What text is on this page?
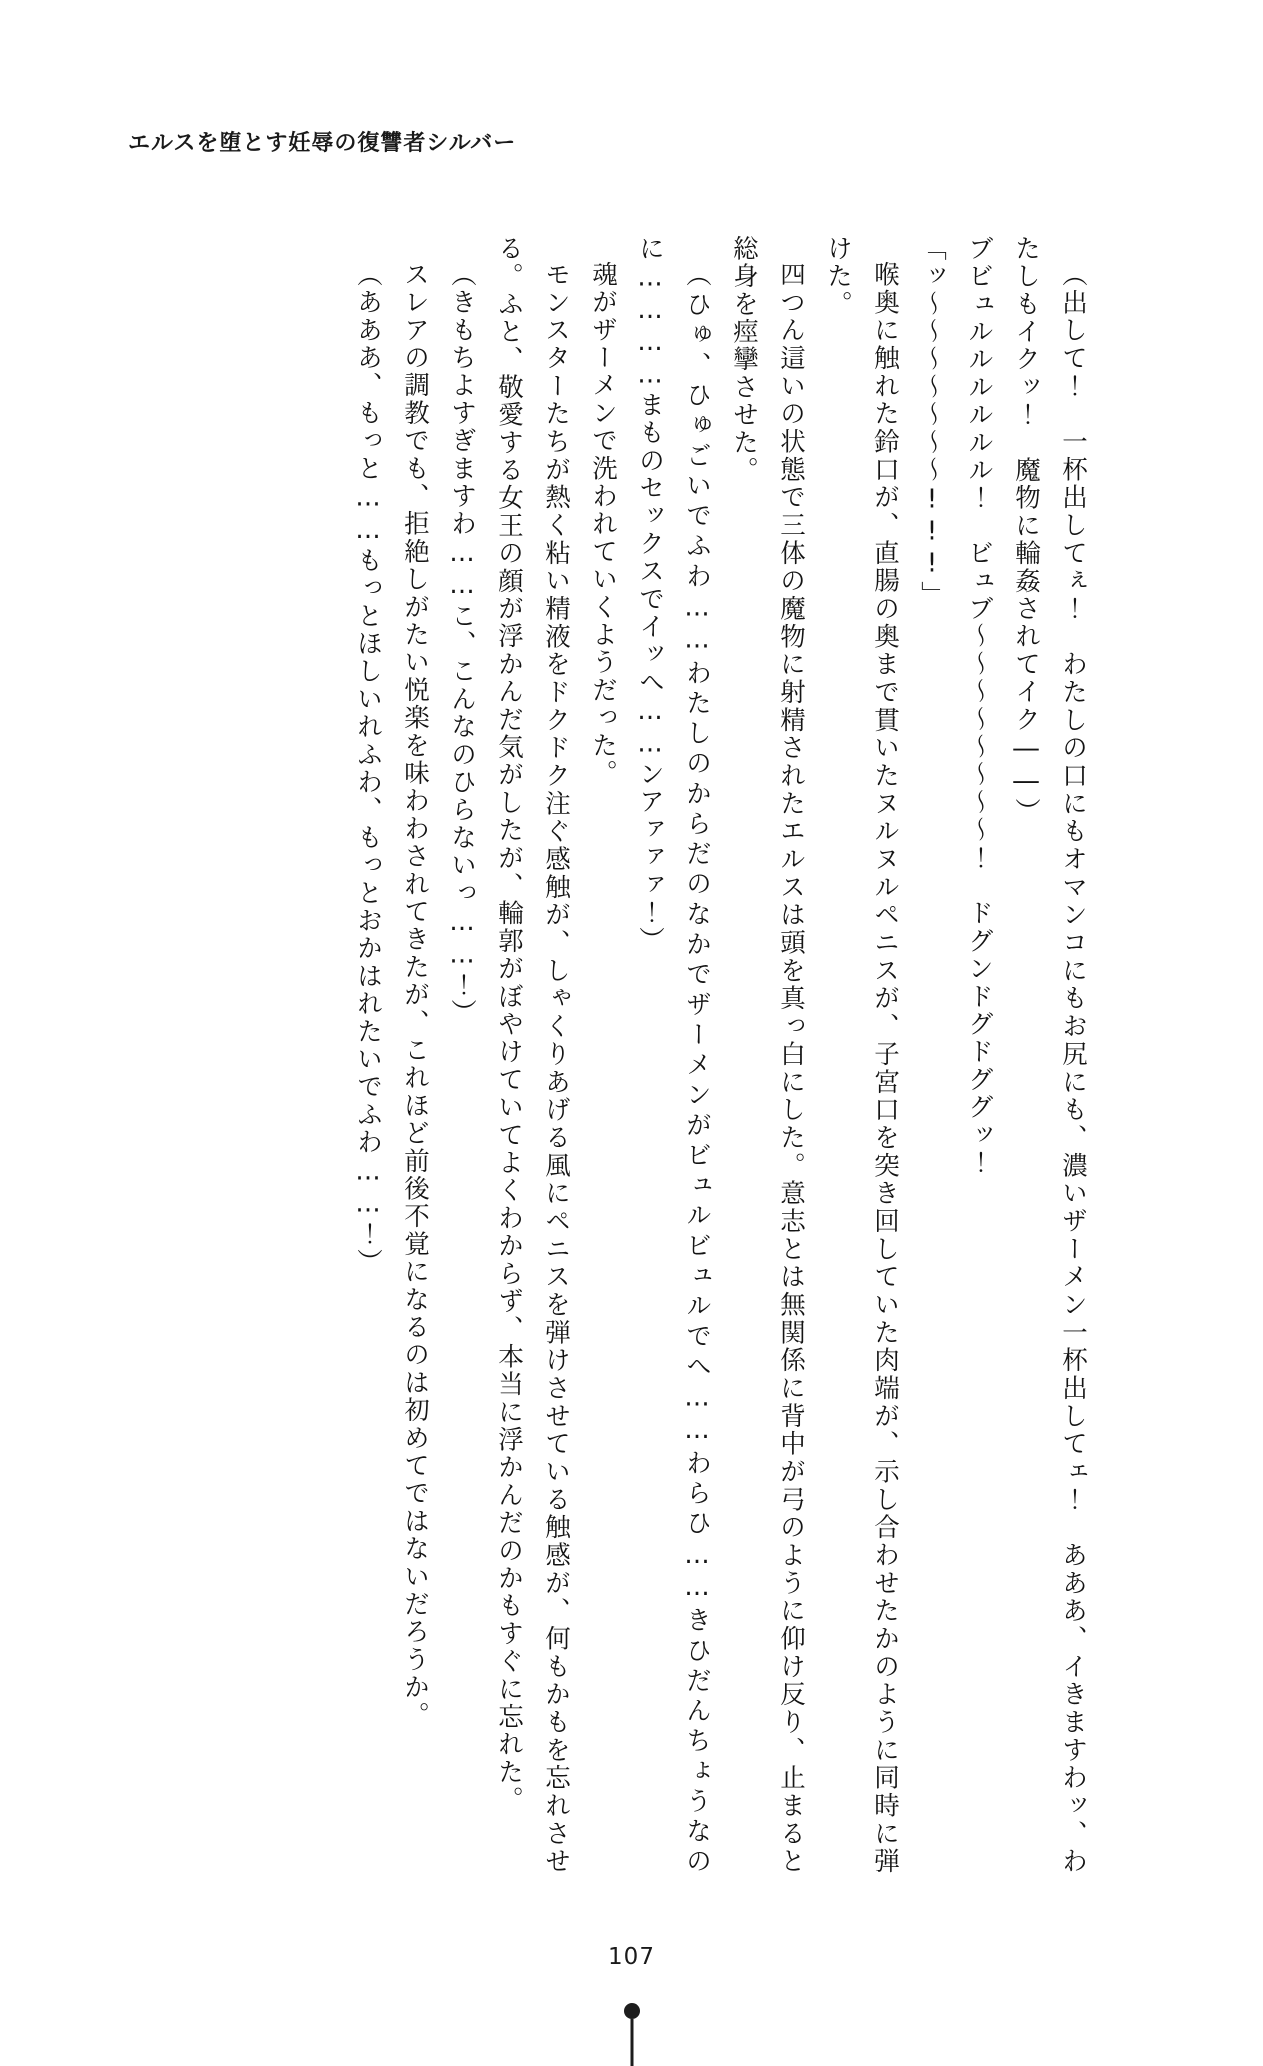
エルスを堕とす妊辱の復讐者シルバー

（出して！　一杯出してぇ！　わたしの口にもオマンコにもお尻にも、濃いザーメン一杯出してェ！　あああ、イきますわッ、わたしもイクッ！　魔物に輪姦されてイク――）

ブビュルルルルルル！　ビュブ～～～～～～～～！　ドグンドグドググッ！

「ッ～～～～～～～!!!」

喉奥に触れた鈴口が、直腸の奥まで貫いたヌルヌルペニスが、子宮口を突き回していた肉端が、示し合わせたかのように同時に弾けた。

四つん這いの状態で三体の魔物に射精されたエルスは頭を真っ白にした。意志とは無関係に背中が弓のように仰け反り、止まると総身を痙攣させた。

（ひゅ、ひゅごいでふわ……わたしのからだのなかでザーメンがビュルビュルでへ……わらひ……きひだんちょうなのに…………まものセックスでイッへ……ンアァァァ！）

魂がザーメンで洗われていくようだった。

モンスターたちが熱く粘い精液をドクドク注ぐ感触が、しゃくりあげる風にペニスを弾けさせている触感が、何もかもを忘れさせる。ふと、敬愛する女王の顔が浮かんだ気がしたが、輪郭がぼやけていてよくわからず、本当に浮かんだのかもすぐに忘れた。

（きもちよすぎますわ……こ、こんなのひらないっ……！）

スレアの調教でも、拒絶しがたい悦楽を味わわされてきたが、これほど前後不覚になるのは初めてではないだろうか。

（あああ、もっと……もっとほしいれふわ、もっとおかはれたいでふわ……！）

107
